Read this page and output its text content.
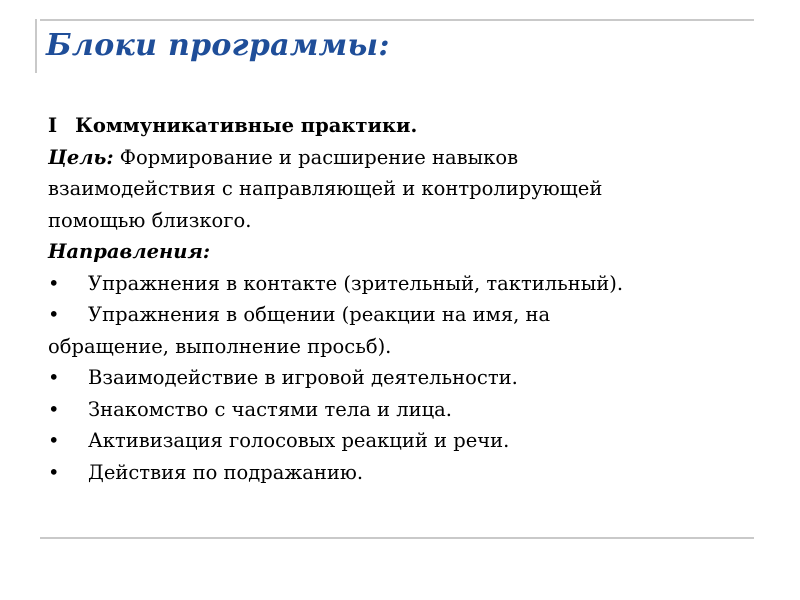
Блоки программы:

I Коммуникативные практики.

Цель: Формирование и расширение навыков

взаимодействия с направляющей и контролирующей

помощью близкого.

Направления:

• Упражнения в контакте (зрительный, тактильный).

• Упражнения в общении (реакции на имя, на

обращение, выполнение просьб).

• Взаимодействие в игровой деятельности.

• Знакомство с частями тела и лица.

• Активизация голосовых реакций и речи.

• Действия по подражанию.
